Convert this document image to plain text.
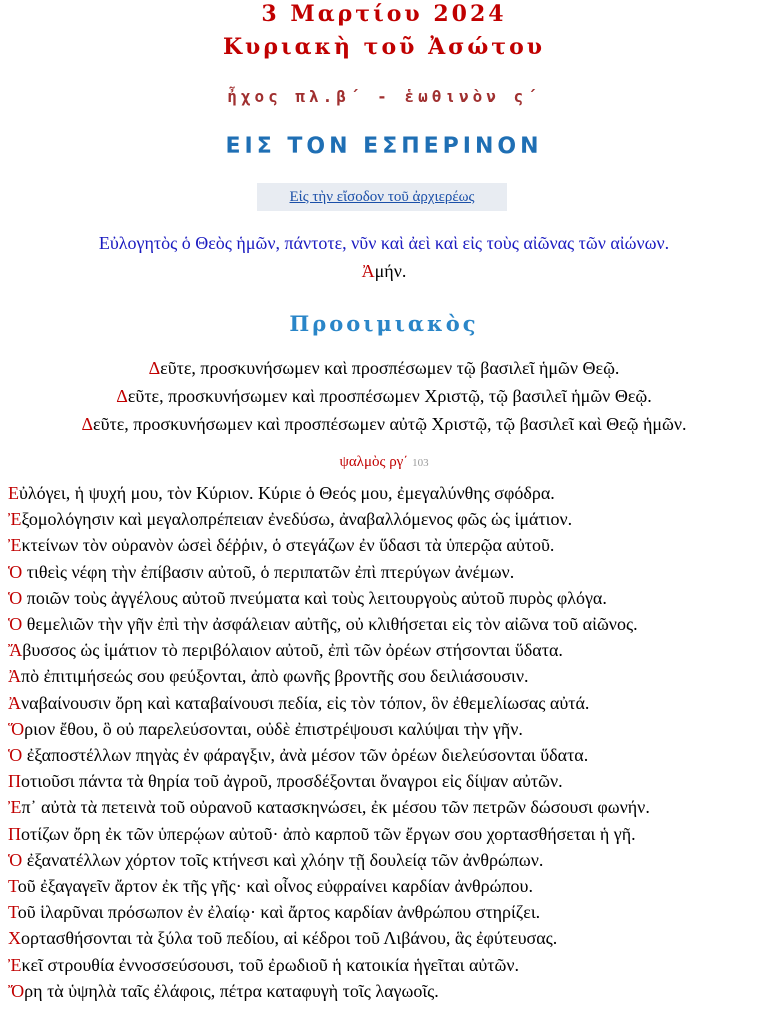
3 Μαρτίου 2024
Κυριακὴ τοῦ Ἀσώτου
ἦχος πλ.β΄ - ἑωθινὸν ς΄
ΕΙΣ ΤΟΝ ΕΣΠΕΡΙΝΟΝ
Εἰς τὴν εἴσοδον τοῦ ἀρχιερέως
Εὐλογητὸς ὁ Θεὸς ἡμῶν, πάντοτε, νῦν καὶ ἀεὶ καὶ εἰς τοὺς αἰῶνας τῶν αἰώνων.
Ἀμήν.
Προοιμιακὸς
Δεῦτε, προσκυνήσωμεν καὶ προσπέσωμεν τῷ βασιλεῖ ἡμῶν Θεῷ.
Δεῦτε, προσκυνήσωμεν καὶ προσπέσωμεν Χριστῷ, τῷ βασιλεῖ ἡμῶν Θεῷ.
Δεῦτε, προσκυνήσωμεν καὶ προσπέσωμεν αὐτῷ Χριστῷ, τῷ βασιλεῖ καὶ Θεῷ ἡμῶν.
ψαλμὸς ργ΄ 103
Εὐλόγει, ἡ ψυχή μου, τὸν Κύριον. Κύριε ὁ Θεός μου, ἐμεγαλύνθης σφόδρα.
Ἐξομολόγησιν καὶ μεγαλοπρέπειαν ἐνεδύσω, ἀναβαλλόμενος φῶς ὡς ἱμάτιον.
Ἐκτείνων τὸν οὐρανὸν ὡσεὶ δέῤῥιν, ὁ στεγάζων ἐν ὕδασι τὰ ὑπερῷα αὐτοῦ.
Ὁ τιθεὶς νέφη τὴν ἐπίβασιν αὐτοῦ, ὁ περιπατῶν ἐπὶ πτερύγων ἀνέμων.
Ὁ ποιῶν τοὺς ἀγγέλους αὐτοῦ πνεύματα καὶ τοὺς λειτουργοὺς αὐτοῦ πυρὸς φλόγα.
Ὁ θεμελιῶν τὴν γῆν ἐπὶ τὴν ἀσφάλειαν αὐτῆς, οὐ κλιθήσεται εἰς τὸν αἰῶνα τοῦ αἰῶνος.
Ἄβυσσος ὡς ἱμάτιον τὸ περιβόλαιον αὐτοῦ, ἐπὶ τῶν ὀρέων στήσονται ὕδατα.
Ἀπὸ ἐπιτιμήσεώς σου φεύξονται, ἀπὸ φωνῆς βροντῆς σου δειλιάσουσιν.
Ἀναβαίνουσιν ὄρη καὶ καταβαίνουσι πεδία, εἰς τὸν τόπον, ὃν ἐθεμελίωσας αὐτά.
Ὅριον ἔθου, ὃ οὐ παρελεύσονται, οὐδὲ ἐπιστρέψουσι καλύψαι τὴν γῆν.
Ὁ ἐξαποστέλλων πηγὰς ἐν φάραγξιν, ἀνὰ μέσον τῶν ὀρέων διελεύσονται ὕδατα.
Ποτιοῦσι πάντα τὰ θηρία τοῦ ἀγροῦ, προσδέξονται ὄναγροι εἰς δίψαν αὐτῶν.
Ἐπ᾽ αὐτὰ τὰ πετεινὰ τοῦ οὐρανοῦ κατασκηνώσει, ἐκ μέσου τῶν πετρῶν δώσουσι φωνήν.
Ποτίζων ὄρη ἐκ τῶν ὑπερῴων αὐτοῦ· ἀπὸ καρποῦ τῶν ἔργων σου χορτασθήσεται ἡ γῆ.
Ὁ ἐξανατέλλων χόρτον τοῖς κτήνεσι καὶ χλόην τῇ δουλείᾳ τῶν ἀνθρώπων.
Τοῦ ἐξαγαγεῖν ἄρτον ἐκ τῆς γῆς· καὶ οἶνος εὐφραίνει καρδίαν ἀνθρώπου.
Τοῦ ἱλαρῦναι πρόσωπον ἐν ἐλαίῳ· καὶ ἄρτος καρδίαν ἀνθρώπου στηρίζει.
Χορτασθήσονται τὰ ξύλα τοῦ πεδίου, αἱ κέδροι τοῦ Λιβάνου, ἃς ἐφύτευσας.
Ἐκεῖ στρουθία ἐννοσσεύσουσι, τοῦ ἐρωδιοῦ ἡ κατοικία ἡγεῖται αὐτῶν.
Ὄρη τὰ ὑψηλὰ ταῖς ἐλάφοις, πέτρα καταφυγὴ τοῖς λαγωοῖς.
